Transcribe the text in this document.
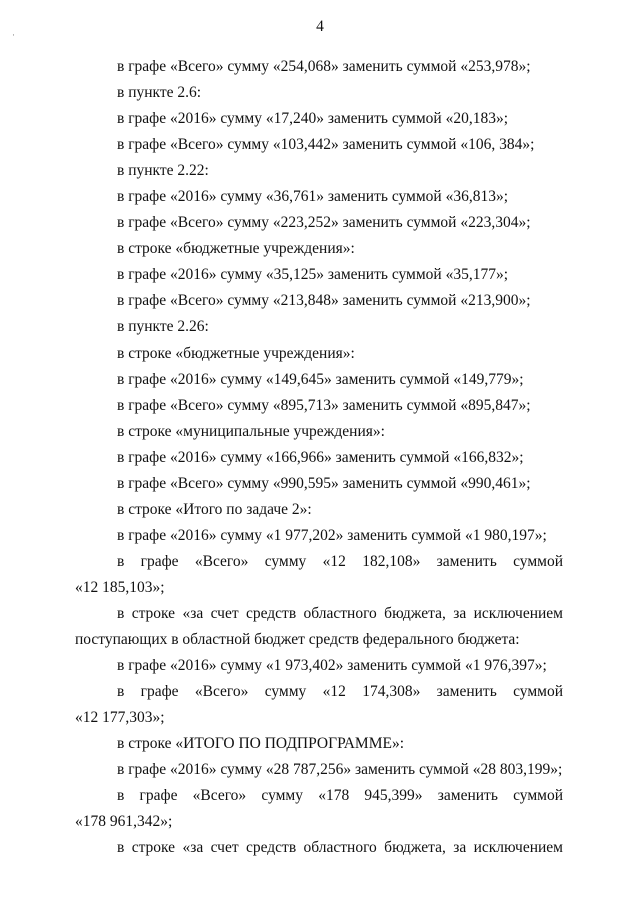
4
·
в графе «Всего» сумму «254,068» заменить суммой «253,978»;
в пункте 2.6:
в графе «2016» сумму «17,240» заменить суммой «20,183»;
в графе «Всего» сумму «103,442» заменить суммой «106, 384»;
в пункте 2.22:
в графе «2016» сумму «36,761» заменить суммой «36,813»;
в графе «Всего» сумму «223,252» заменить суммой «223,304»;
в строке «бюджетные учреждения»:
в графе «2016» сумму «35,125» заменить суммой «35,177»;
в графе «Всего» сумму «213,848» заменить суммой «213,900»;
в пункте 2.26:
в строке «бюджетные учреждения»:
в графе «2016» сумму «149,645» заменить суммой «149,779»;
в графе «Всего» сумму «895,713» заменить суммой «895,847»;
в строке «муниципальные учреждения»:
в графе «2016» сумму «166,966» заменить суммой «166,832»;
в графе «Всего» сумму «990,595» заменить суммой «990,461»;
в строке «Итого по задаче 2»:
в графе «2016» сумму «1 977,202» заменить суммой «1 980,197»;
в графе «Всего» сумму «12 182,108» заменить суммой
«12 185,103»;
в строке «за счет средств областного бюджета, за исключением
поступающих в областной бюджет средств федерального бюджета:
в графе «2016» сумму «1 973,402» заменить суммой «1 976,397»;
в графе «Всего» сумму «12 174,308» заменить суммой
«12 177,303»;
в строке «ИТОГО ПО ПОДПРОГРАММЕ»:
в графе «2016» сумму «28 787,256» заменить суммой «28 803,199»;
в графе «Всего» сумму «178 945,399» заменить суммой
«178 961,342»;
в строке «за счет средств областного бюджета, за исключением
